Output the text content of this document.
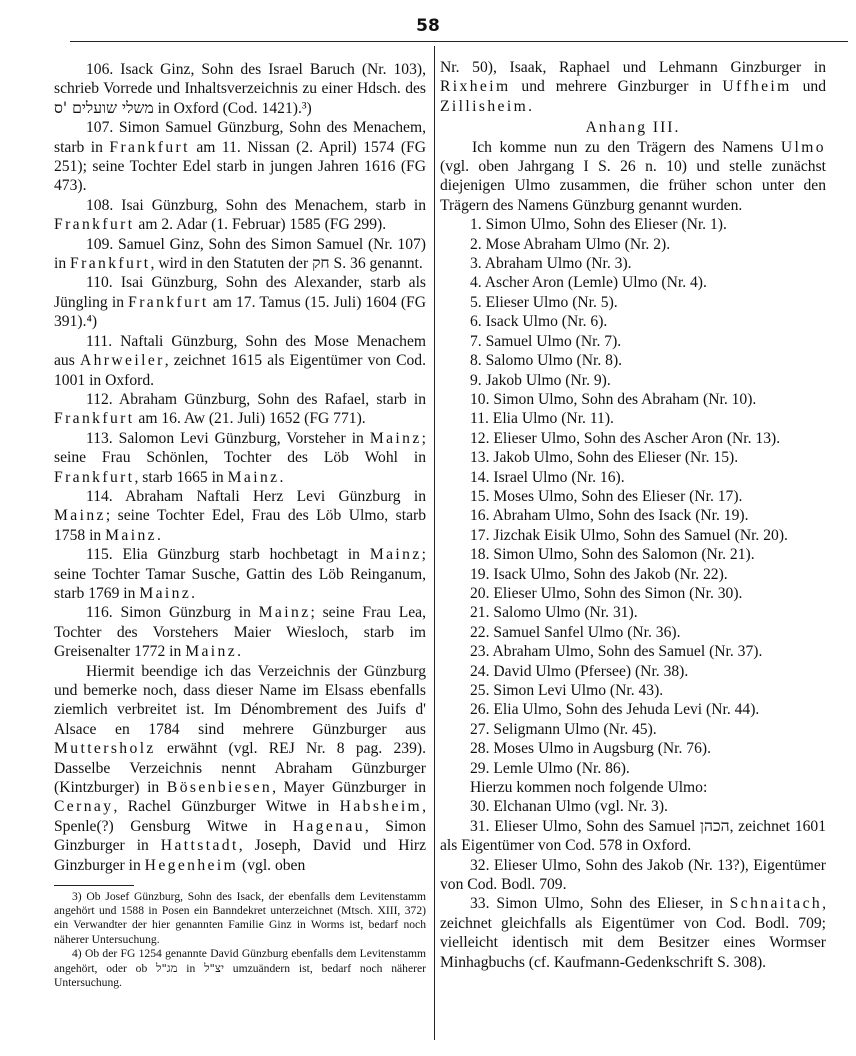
58

106. Isack Ginz, Sohn des Israel Baruch (Nr. 103), schrieb Vorrede und Inhaltsverzeichnis zu einer Hdsch. des משלי שועלים 'ס in Oxford (Cod. 1421).³)

107. Simon Samuel Günzburg, Sohn des Menachem, starb in Frankfurt am 11. Nissan (2. April) 1574 (FG 251); seine Tochter Edel starb in jungen Jahren 1616 (FG 473).

108. Isai Günzburg, Sohn des Menachem, starb in Frankfurt am 2. Adar (1. Februar) 1585 (FG 299).

109. Samuel Ginz, Sohn des Simon Samuel (Nr. 107) in Frankfurt, wird in den Statuten der חק S. 36 genannt.

110. Isai Günzburg, Sohn des Alexander, starb als Jüngling in Frankfurt am 17. Tamus (15. Juli) 1604 (FG 391).⁴)

111. Naftali Günzburg, Sohn des Mose Menachem aus Ahrweiler, zeichnet 1615 als Eigentümer von Cod. 1001 in Oxford.

112. Abraham Günzburg, Sohn des Rafael, starb in Frankfurt am 16. Aw (21. Juli) 1652 (FG 771).

113. Salomon Levi Günzburg, Vorsteher in Mainz; seine Frau Schönlen, Tochter des Löb Wohl in Frankfurt, starb 1665 in Mainz.

114. Abraham Naftali Herz Levi Günzburg in Mainz; seine Tochter Edel, Frau des Löb Ulmo, starb 1758 in Mainz.

115. Elia Günzburg starb hochbetagt in Mainz; seine Tochter Tamar Susche, Gattin des Löb Reinganum, starb 1769 in Mainz.

116. Simon Günzburg in Mainz; seine Frau Lea, Tochter des Vorstehers Maier Wiesloch, starb im Greisenalter 1772 in Mainz.

Hiermit beendige ich das Verzeichnis der Günzburg und bemerke noch, dass dieser Name im Elsass ebenfalls ziemlich verbreitet ist. Im Dénombrement des Juifs d' Alsace en 1784 sind mehrere Günzburger aus Muttersholz erwähnt (vgl. REJ Nr. 8 pag. 239). Dasselbe Verzeichnis nennt Abraham Günzburger (Kintzburger) in Bösenbiesen, Mayer Günzburger in Cernay, Rachel Günzburger Witwe in Habsheim, Spenle(?) Gensburg Witwe in Hagenau, Simon Ginzburger in Hattstadt, Joseph, David und Hirz Ginzburger in Hegenheim (vgl. oben

3) Ob Josef Günzburg, Sohn des Isack, der ebenfalls dem Levitenstamm angehört und 1588 in Posen ein Banndekret unterzeichnet (Mtsch. XIII, 372) ein Verwandter der hier genannten Familie Ginz in Worms ist, bedarf noch näherer Untersuchung.

4) Ob der FG 1254 genannte David Günzburg ebenfalls dem Levitenstamm angehört, oder ob מג"ל in יצ"ל umzuändern ist, bedarf noch näherer Untersuchung.

Nr. 50), Isaak, Raphael und Lehmann Ginzburger in Rixheim und mehrere Ginzburger in Uffheim und Zillisheim.

Anhang III.

Ich komme nun zu den Trägern des Namens Ulmo (vgl. oben Jahrgang I S. 26 n. 10) und stelle zunächst diejenigen Ulmo zusammen, die früher schon unter den Trägern des Namens Günzburg genannt wurden.

1. Simon Ulmo, Sohn des Elieser (Nr. 1).

2. Mose Abraham Ulmo (Nr. 2).

3. Abraham Ulmo (Nr. 3).

4. Ascher Aron (Lemle) Ulmo (Nr. 4).

5. Elieser Ulmo (Nr. 5).

6. Isack Ulmo (Nr. 6).

7. Samuel Ulmo (Nr. 7).

8. Salomo Ulmo (Nr. 8).

9. Jakob Ulmo (Nr. 9).

10. Simon Ulmo, Sohn des Abraham (Nr. 10).

11. Elia Ulmo (Nr. 11).

12. Elieser Ulmo, Sohn des Ascher Aron (Nr. 13).

13. Jakob Ulmo, Sohn des Elieser (Nr. 15).

14. Israel Ulmo (Nr. 16).

15. Moses Ulmo, Sohn des Elieser (Nr. 17).

16. Abraham Ulmo, Sohn des Isack (Nr. 19).

17. Jizchak Eisik Ulmo, Sohn des Samuel (Nr. 20).

18. Simon Ulmo, Sohn des Salomon (Nr. 21).

19. Isack Ulmo, Sohn des Jakob (Nr. 22).

20. Elieser Ulmo, Sohn des Simon (Nr. 30).

21. Salomo Ulmo (Nr. 31).

22. Samuel Sanfel Ulmo (Nr. 36).

23. Abraham Ulmo, Sohn des Samuel (Nr. 37).

24. David Ulmo (Pfersee) (Nr. 38).

25. Simon Levi Ulmo (Nr. 43).

26. Elia Ulmo, Sohn des Jehuda Levi (Nr. 44).

27. Seligmann Ulmo (Nr. 45).

28. Moses Ulmo in Augsburg (Nr. 76).

29. Lemle Ulmo (Nr. 86).

Hierzu kommen noch folgende Ulmo:

30. Elchanan Ulmo (vgl. Nr. 3).

31. Elieser Ulmo, Sohn des Samuel הכהן, zeichnet 1601 als Eigentümer von Cod. 578 in Oxford.

32. Elieser Ulmo, Sohn des Jakob (Nr. 13?), Eigentümer von Cod. Bodl. 709.

33. Simon Ulmo, Sohn des Elieser, in Schnaitach, zeichnet gleichfalls als Eigentümer von Cod. Bodl. 709; vielleicht identisch mit dem Besitzer eines Wormser Minhagbuchs (cf. Kaufmann-Gedenkschrift S. 308).
